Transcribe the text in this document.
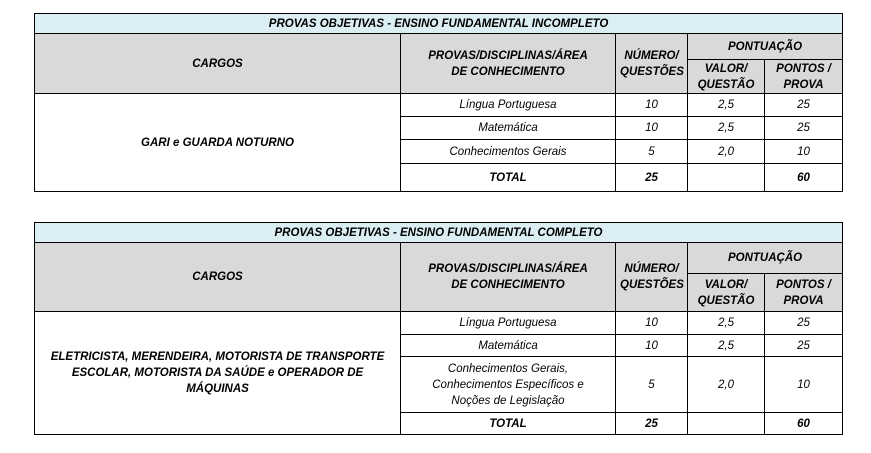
PROVAS OBJETIVAS - ENSINO FUNDAMENTAL INCOMPLETO				
CARGOS	PROVAS/DISCIPLINAS/ÁREA DE CONHECIMENTO	NÚMERO/ QUESTÕES	PONTUAÇÃO	
			VALOR/ QUESTÃO	PONTOS / PROVA
GARI e GUARDA NOTURNO	Língua Portuguesa	10	2,5	25
	Matemática	10	2,5	25
	Conhecimentos Gerais	5	2,0	10
	TOTAL	25		60
PROVAS OBJETIVAS - ENSINO FUNDAMENTAL COMPLETO				
CARGOS	PROVAS/DISCIPLINAS/ÁREA DE CONHECIMENTO	NÚMERO/ QUESTÕES	PONTUAÇÃO	
			VALOR/ QUESTÃO	PONTOS / PROVA
ELETRICISTA, MERENDEIRA, MOTORISTA DE TRANSPORTE ESCOLAR, MOTORISTA DA SAÚDE e OPERADOR DE MÁQUINAS	Língua Portuguesa	10	2,5	25
	Matemática	10	2,5	25
	Conhecimentos Gerais, Conhecimentos Específicos e Noções de Legislação	5	2,0	10
	TOTAL	25		60
